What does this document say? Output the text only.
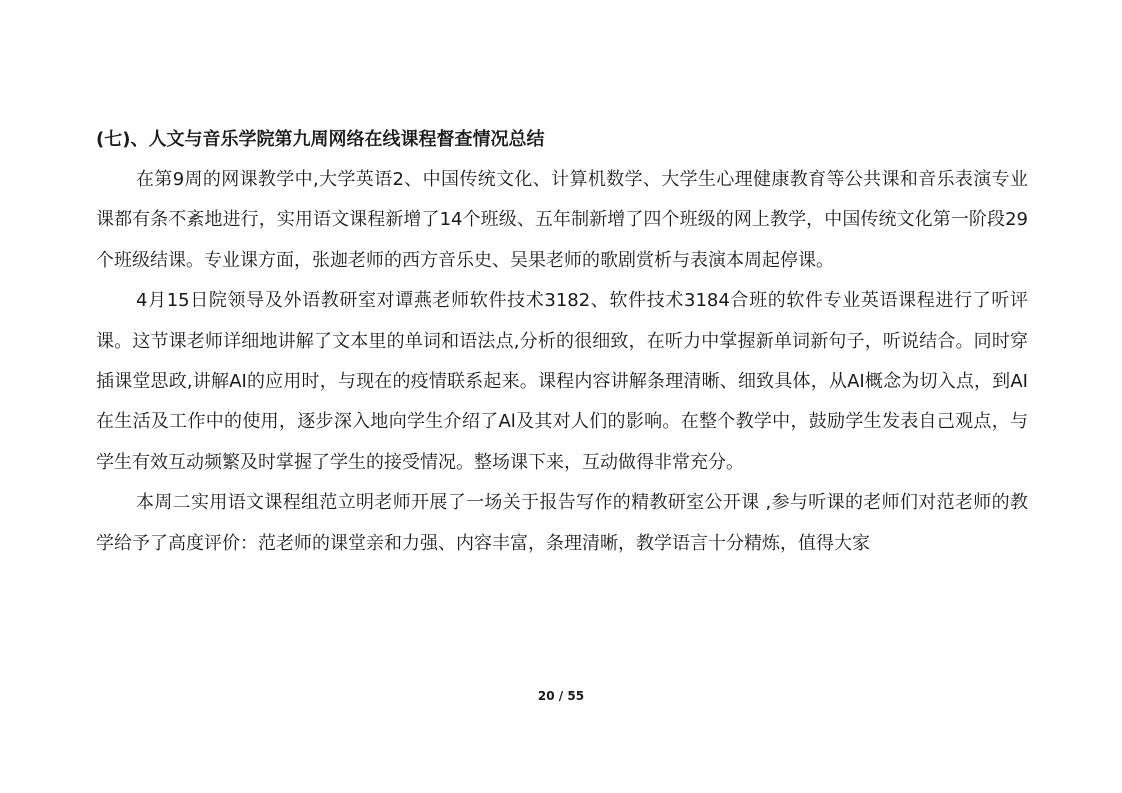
(七)、人文与音乐学院第九周网络在线课程督查情况总结

在第9周的网课教学中,大学英语2、中国传统文化、计算机数学、大学生心理健康教育等公共课和音乐表演专业课都有条不紊地进行，实用语文课程新增了14个班级、五年制新增了四个班级的网上教学，中国传统文化第一阶段29个班级结课。专业课方面，张迦老师的西方音乐史、吴果老师的歌剧赏析与表演本周起停课。

4月15日院领导及外语教研室对谭燕老师软件技术3182、软件技术3184合班的软件专业英语课程进行了听评课。这节课老师详细地讲解了文本里的单词和语法点,分析的很细致，在听力中掌握新单词新句子，听说结合。同时穿插课堂思政,讲解AI的应用时，与现在的疫情联系起来。课程内容讲解条理清晰、细致具体，从AI概念为切入点，到AI在生活及工作中的使用，逐步深入地向学生介绍了Al及其对人们的影响。在整个教学中，鼓励学生发表自己观点，与学生有效互动频繁及时掌握了学生的接受情况。整场课下来，互动做得非常充分。

本周二实用语文课程组范立明老师开展了一场关于报告写作的精教研室公开课 ,参与听课的老师们对范老师的教学给予了高度评价：范老师的课堂亲和力强、内容丰富，条理清晰，教学语言十分精炼，值得大家

20 / 55
